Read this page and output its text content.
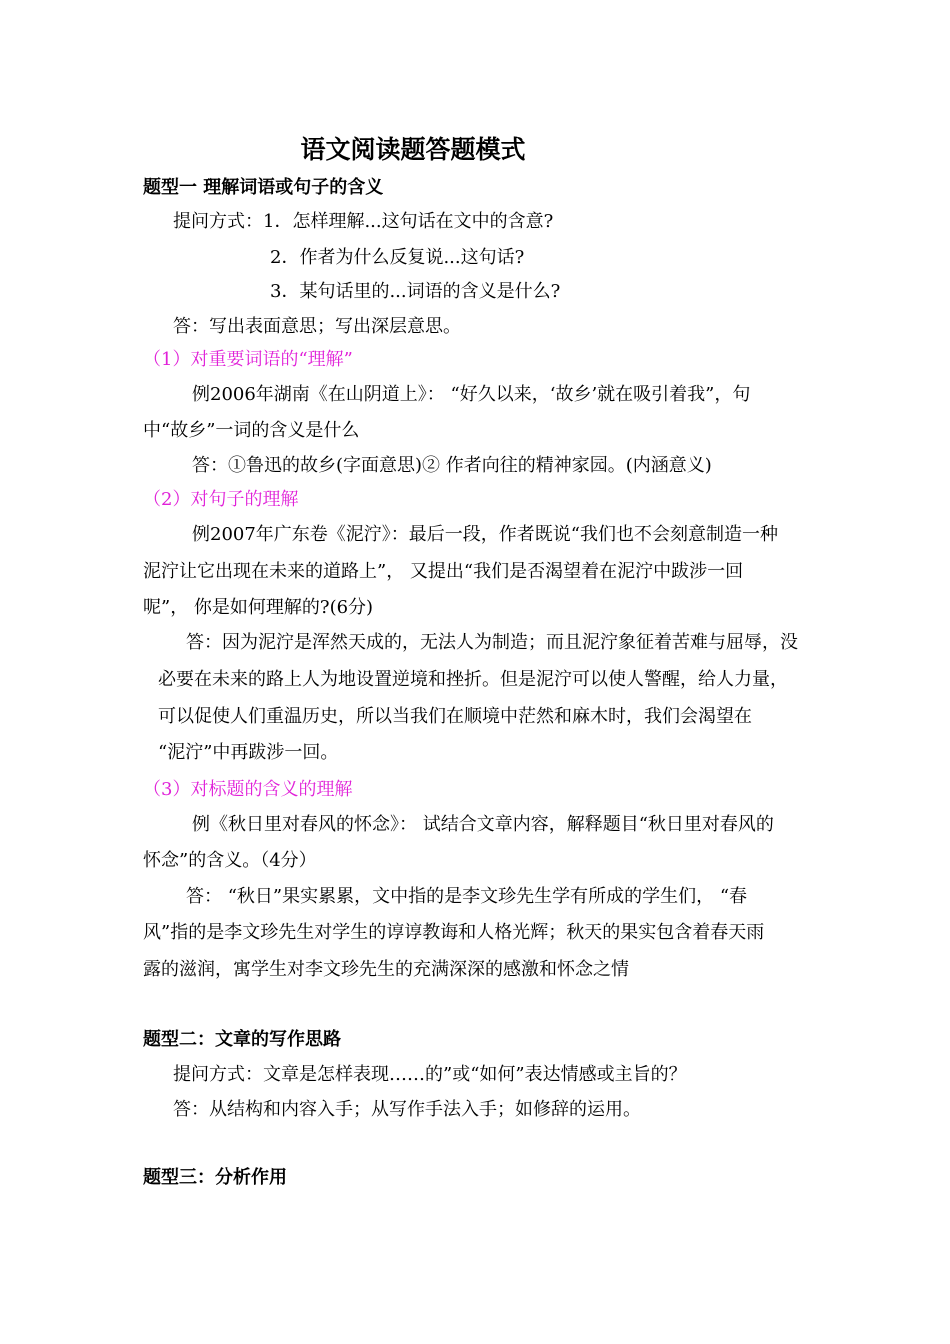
语文阅读题答题模式
题型一 理解词语或句子的含义
提问方式：1．怎样理解...这句话在文中的含意?
2．作者为什么反复说...这句话?
3．某句话里的...词语的含义是什么?
答：写出表面意思；写出深层意思。
（1）对重要词语的“理解”
例2006年湖南《在山阴道上》： “好久以来，‘故乡’就在吸引着我”，句
中“故乡”一词的含义是什么
答：①鲁迅的故乡(字面意思)② 作者向往的精神家园。(内涵意义)
（2）对句子的理解
例2007年广东卷《泥泞》：最后一段，作者既说“我们也不会刻意制造一种
泥泞让它出现在未来的道路上”， 又提出“我们是否渴望着在泥泞中跋涉一回
呢”， 你是如何理解的?(6分)
答：因为泥泞是浑然天成的，无法人为制造；而且泥泞象征着苦难与屈辱，没
必要在未来的路上人为地设置逆境和挫折。但是泥泞可以使人警醒，给人力量，
可以促使人们重温历史，所以当我们在顺境中茫然和麻木时，我们会渴望在
“泥泞”中再跋涉一回。
（3）对标题的含义的理解
例《秋日里对春风的怀念》： 试结合文章内容，解释题目“秋日里对春风的
怀念”的含义。（4分）
答： “秋日”果实累累，文中指的是李文珍先生学有所成的学生们， “春
风”指的是李文珍先生对学生的谆谆教诲和人格光辉；秋天的果实包含着春天雨
露的滋润，寓学生对李文珍先生的充满深深的感激和怀念之情
题型二：文章的写作思路
提问方式：文章是怎样表现……的”或“如何”表达情感或主旨的？
答：从结构和内容入手；从写作手法入手；如修辞的运用。
题型三：分析作用
